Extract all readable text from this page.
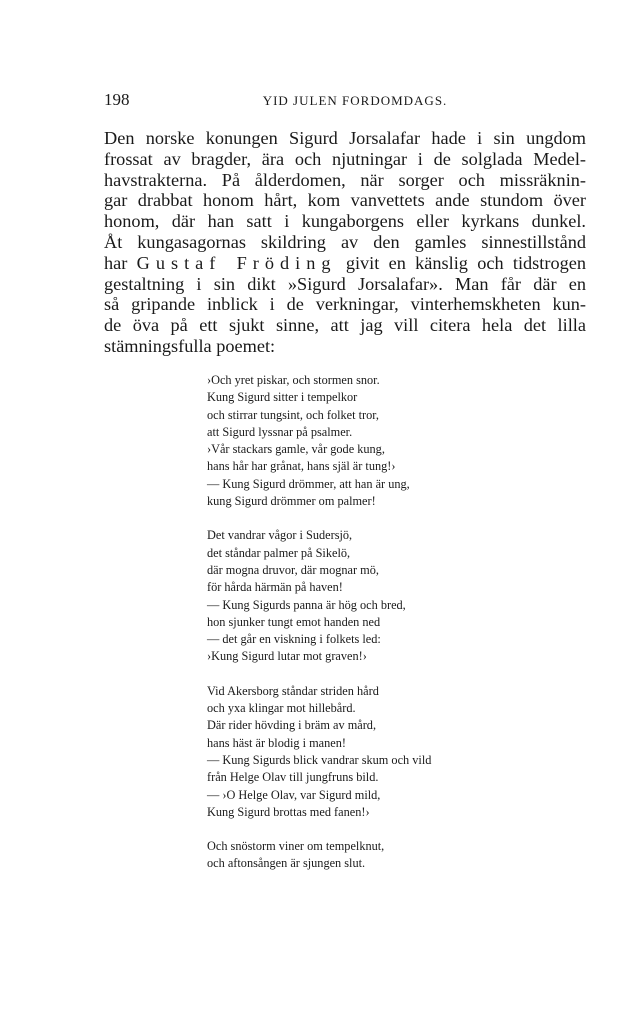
198	YID JULEN FORDOMDAGS.
Den norske konungen Sigurd Jorsalafar hade i sin ungdom
frossat av bragder, ära och njutningar i de solglada Medel-
havstrakterna. På ålderdomen, när sorger och missräknin-
gar drabbat honom hårt, kom vanvettets ande stundom över
honom, där han satt i kungaborgens eller kyrkans dunkel.
Åt kungasagornas skildring av den gamles sinnestillstånd
har Gustaf Fröding givit en känslig och tidstrogen
gestaltning i sin dikt »Sigurd Jorsalafar». Man får där en
så gripande inblick i de verkningar, vinterhemskheten kun-
de öva på ett sjukt sinne, att jag vill citera hela det lilla
stämningsfulla poemet:
›Och yret piskar, och stormen snor.
Kung Sigurd sitter i tempelkor
och stirrar tungsint, och folket tror,
att Sigurd lyssnar på psalmer.
›Vår stackars gamle, vår gode kung,
hans hår har grånat, hans själ är tung!›
— Kung Sigurd drömmer, att han är ung,
kung Sigurd drömmer om palmer!
Det vandrar vågor i Sudersjö,
det ståndar palmer på Sikelö,
där mogna druvor, där mognar mö,
för hårda härmän på haven!
— Kung Sigurds panna är hög och bred,
hon sjunker tungt emot handen ned
— det går en viskning i folkets led:
›Kung Sigurd lutar mot graven!›
Vid Akersborg ståndar striden hård
och yxa klingar mot hillebård.
Där rider hövding i bräm av mård,
hans häst är blodig i manen!
— Kung Sigurds blick vandrar skum och vild
från Helge Olav till jungfruns bild.
— ›O Helge Olav, var Sigurd mild,
Kung Sigurd brottas med fanen!›
Och snöstorm viner om tempelknut,
och aftonsången är sjungen slut.
